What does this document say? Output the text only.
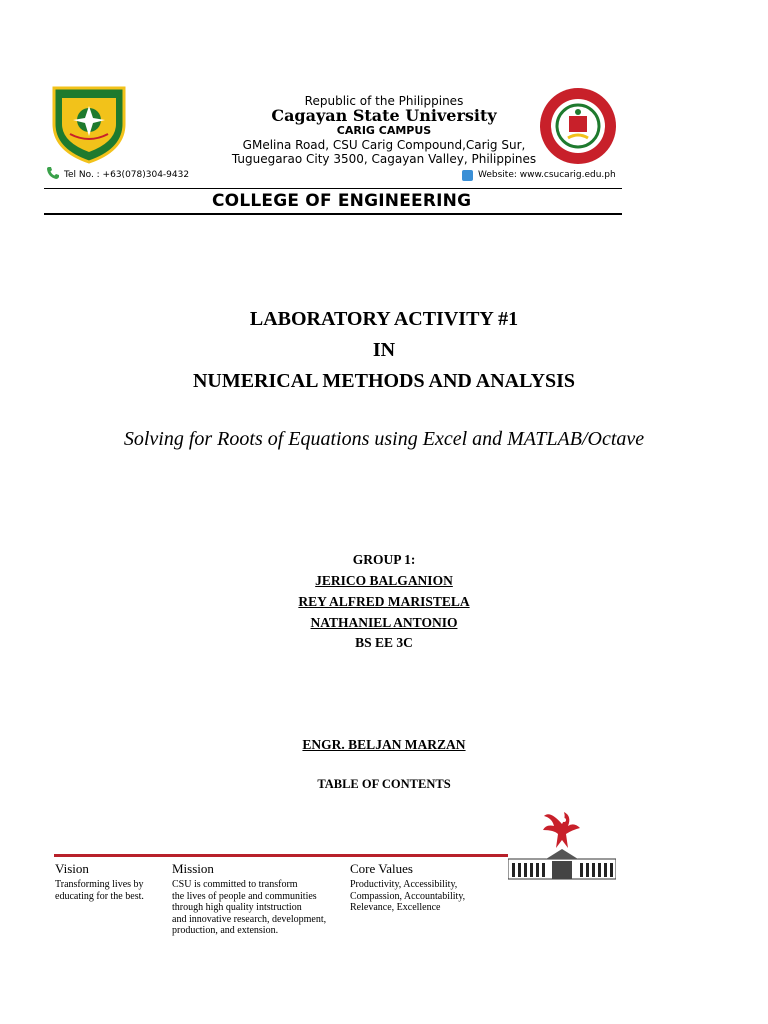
Republic of the Philippines
Cagayan State University
CARIG CAMPUS
GMelina Road, CSU Carig Compound,Carig Sur,
Tuguegarao City 3500, Cagayan Valley, Philippines
Tel No. : +63(078)304-9432	Website: www.csucarig.edu.ph
COLLEGE OF ENGINEERING
LABORATORY ACTIVITY #1
IN
NUMERICAL METHODS AND ANALYSIS
Solving for Roots of Equations using Excel and MATLAB/Octave
GROUP 1:
JERICO BALGANION
REY ALFRED MARISTELA
NATHANIEL ANTONIO
BS EE 3C
ENGR. BELJAN MARZAN
TABLE OF CONTENTS
Vision
Transforming lives by
educating for the best.
Mission
CSU is committed to transform
the lives of people and communities
through high quality intstruction
and innovative research, development,
production, and extension.
Core Values
Productivity, Accessibility,
Compassion, Accountability,
Relevance, Excellence
